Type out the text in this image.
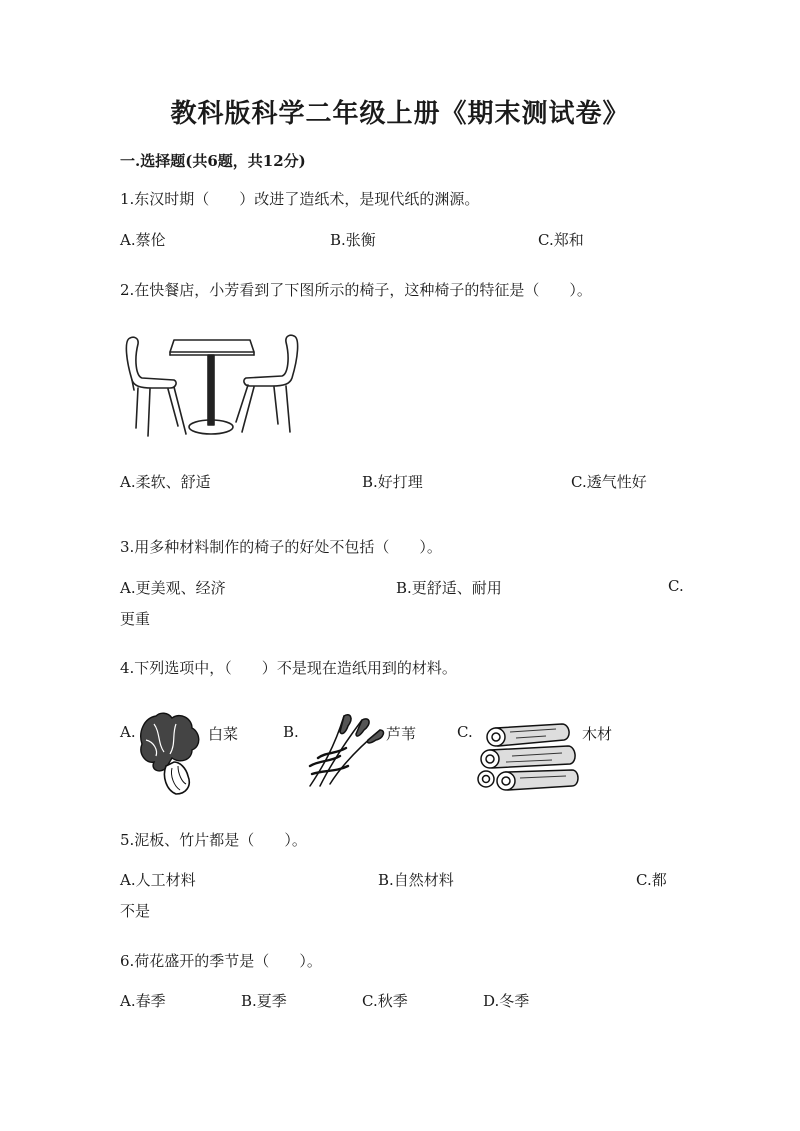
教科版科学二年级上册《期末测试卷》
一.选择题(共6题，共12分)
1.东汉时期（　　）改进了造纸术，是现代纸的渊源。
A.蔡伦	B.张衡	C.郑和
2.在快餐店，小芳看到了下图所示的椅子，这种椅子的特征是（　　）。
A.柔软、舒适	B.好打理	C.透气性好
3.用多种材料制作的椅子的好处不包括（　　）。
A.更美观、经济	B.更舒适、耐用	C.
更重
4.下列选项中，（　　）不是现在造纸用到的材料。
A.	白菜	B.	芦苇	C.	木材
5.泥板、竹片都是（　　）。
A.人工材料	B.自然材料	C.都
不是
6.荷花盛开的季节是（　　）。
A.春季	B.夏季	C.秋季	D.冬季
